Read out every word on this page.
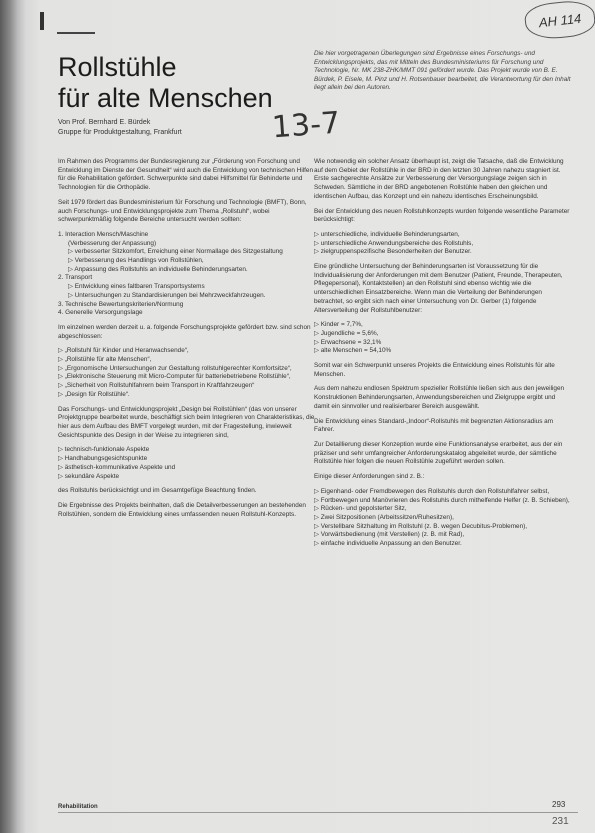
AH 114
Rollstühle
für alte Menschen
Von Prof. Bernhard E. Bürdek
Gruppe für Produktgestaltung, Frankfurt	13-7
Die hier vorgetragenen Überlegungen sind Ergebnisse eines Forschungs- und Entwicklungsprojekts, das mit Mitteln des Bundesministeriums für Forschung und Technologie, Nr. MK 238-ZHK/MMT 091 gefördert wurde. Das Projekt wurde von B. E. Bürdek, P. Eisele, M. Pinz und H. Rotsenbauer bearbeitet, die Verantwortung für den Inhalt liegt allein bei den Autoren.

Im Rahmen des Programms der Bundesregierung zur „Förderung von Forschung und Entwicklung im Dienste der Gesundheit“ wird auch die Entwicklung von technischen Hilfen für die Rehabilitation gefördert. Schwerpunkte sind dabei Hilfsmittel für Behinderte und Technologien für die Orthopädie.

Seit 1979 fördert das Bundesministerium für Forschung und Technologie (BMFT), Bonn, auch Forschungs- und Entwicklungsprojekte zum Thema „Rollstuhl“, wobei schwerpunktmäßig folgende Bereiche untersucht werden sollten:

1. Interaction Mensch/Maschine
(Verbesserung der Anpassung)
▷ verbesserter Sitzkomfort, Erreichung einer Normallage des Sitzgestaltung
▷ Verbesserung des Handlings von Rollstühlen,
▷ Anpassung des Rollstuhls an individuelle Behinderungsarten.
2. Transport
▷ Entwicklung eines faltbaren Transportsystems
▷ Untersuchungen zu Standardisierungen bei Mehrzweckfahrzeugen.
3. Technische Bewertungskriterien/Normung
4. Generelle Versorgungslage

Im einzelnen werden derzeit u. a. folgende Forschungsprojekte gefördert bzw. sind schon abgeschlossen:

▷ „Rollstuhl für Kinder und Heranwachsende“,
▷ „Rollstühle für alte Menschen“,
▷ „Ergonomische Untersuchungen zur Gestaltung rollstuhlgerechter Komfortsitze“,
▷ „Elektronische Steuerung mit Micro-Computer für batteriebetriebene Rollstühle“,
▷ „Sicherheit von Rollstuhlfahrern beim Transport in Kraftfahrzeugen“
▷ „Design für Rollstühle“.

Das Forschungs- und Entwicklungsprojekt „Design bei Rollstühlen“ (das von unserer Projektgruppe bearbeitet wurde, beschäftigt sich beim Integrieren von Charakteristikas, die hier aus dem Aufbau des BMFT vorgelegt wurden, mit der Fragestellung, inwieweit Gesichtspunkte des Design in der Weise zu integrieren sind,

▷ technisch-funktionale Aspekte
▷ Handhabungsgesichtspunkte
▷ ästhetisch-kommunikative Aspekte und
▷ sekundäre Aspekte

des Rollstuhls berücksichtigt und im Gesamtgefüge Beachtung finden.

Die Ergebnisse des Projekts beinhalten, daß die Detailverbesserungen an bestehenden Rollstühlen, sondern die Entwicklung eines umfassenden neuen Rollstuhl-Konzepts.

Wie notwendig ein solcher Ansatz überhaupt ist, zeigt die Tatsache, daß die Entwicklung auf dem Gebiet der Rollstühle in der BRD in den letzten 30 Jahren nahezu stagniert ist. Erste sachgerechte Ansätze zur Verbesserung der Versorgungslage zeigen sich in Schweden. Sämtliche in der BRD angebotenen Rollstühle haben den gleichen und identischen Aufbau, das Konzept und ein nahezu identisches Erscheinungsbild.

Bei der Entwicklung des neuen Rollstuhlkonzepts wurden folgende wesentliche Parameter berücksichtigt:

▷ unterschiedliche, individuelle Behinderungsarten,
▷ unterschiedliche Anwendungsbereiche des Rollstuhls,
▷ zielgruppenspezifische Besonderheiten der Benutzer.

Eine gründliche Untersuchung der Behinderungsarten ist Voraussetzung für die Individualisierung der Anforderungen mit dem Benutzer (Patient, Freunde, Therapeuten, Pflegepersonal), Kontaktstellen) an den Rollstuhl sind ebenso wichtig wie die unterschiedlichen Einsatzbereiche. Wenn man die Verteilung der Behinderungen betrachtet, so ergibt sich nach einer Untersuchung von Dr. Gerber (1) folgende Altersverteilung der Rollstuhlbenutzer:

▷ Kinder = 7,7%,
▷ Jugendliche = 5,6%,
▷ Erwachsene = 32,1%
▷ alte Menschen = 54,10%

Somit war ein Schwerpunkt unseres Projekts die Entwicklung eines Rollstuhls für alte Menschen.

Aus dem nahezu endlosen Spektrum spezieller Rollstühle ließen sich aus den jeweiligen Konstruktionen Behinderungsarten, Anwendungsbereichen und Zielgruppe ergibt und damit ein sinnvoller und realisierbarer Bereich ausgewählt.

Die Entwicklung eines Standard-„Indoor“-Rollstuhls mit begrenzten Aktionsradius am Fahrer.

Zur Detaillierung dieser Konzeption wurde eine Funktionsanalyse erarbeitet, aus der ein präziser und sehr umfangreicher Anforderungskatalog abgeleitet wurde, der sämtliche Rollstühle hier folgen die neuen Rollstühle zugeführt werden sollen.

Einige dieser Anforderungen sind z. B.:

▷ Eigenhand- oder Fremdbewegen des Rollstuhls durch den Rollstuhlfahrer selbst,
▷ Fortbewegen und Manövrieren des Rollstuhls durch mithelfende Helfer (z. B. Schieben),
▷ Rücken- und gepolsterter Sitz,
▷ Zwei Sitzpositionen (Arbeitssitzen/Ruhesitzen),
▷ Verstellbare Sitzhaltung im Rollstuhl (z. B. wegen Decubitus-Problemen),
▷ Vorwärtsbedienung (mit Verstellen) (z. B. mit Rad),
▷ einfache individuelle Anpassung an den Benutzer.
Rehabilitation	293
231
